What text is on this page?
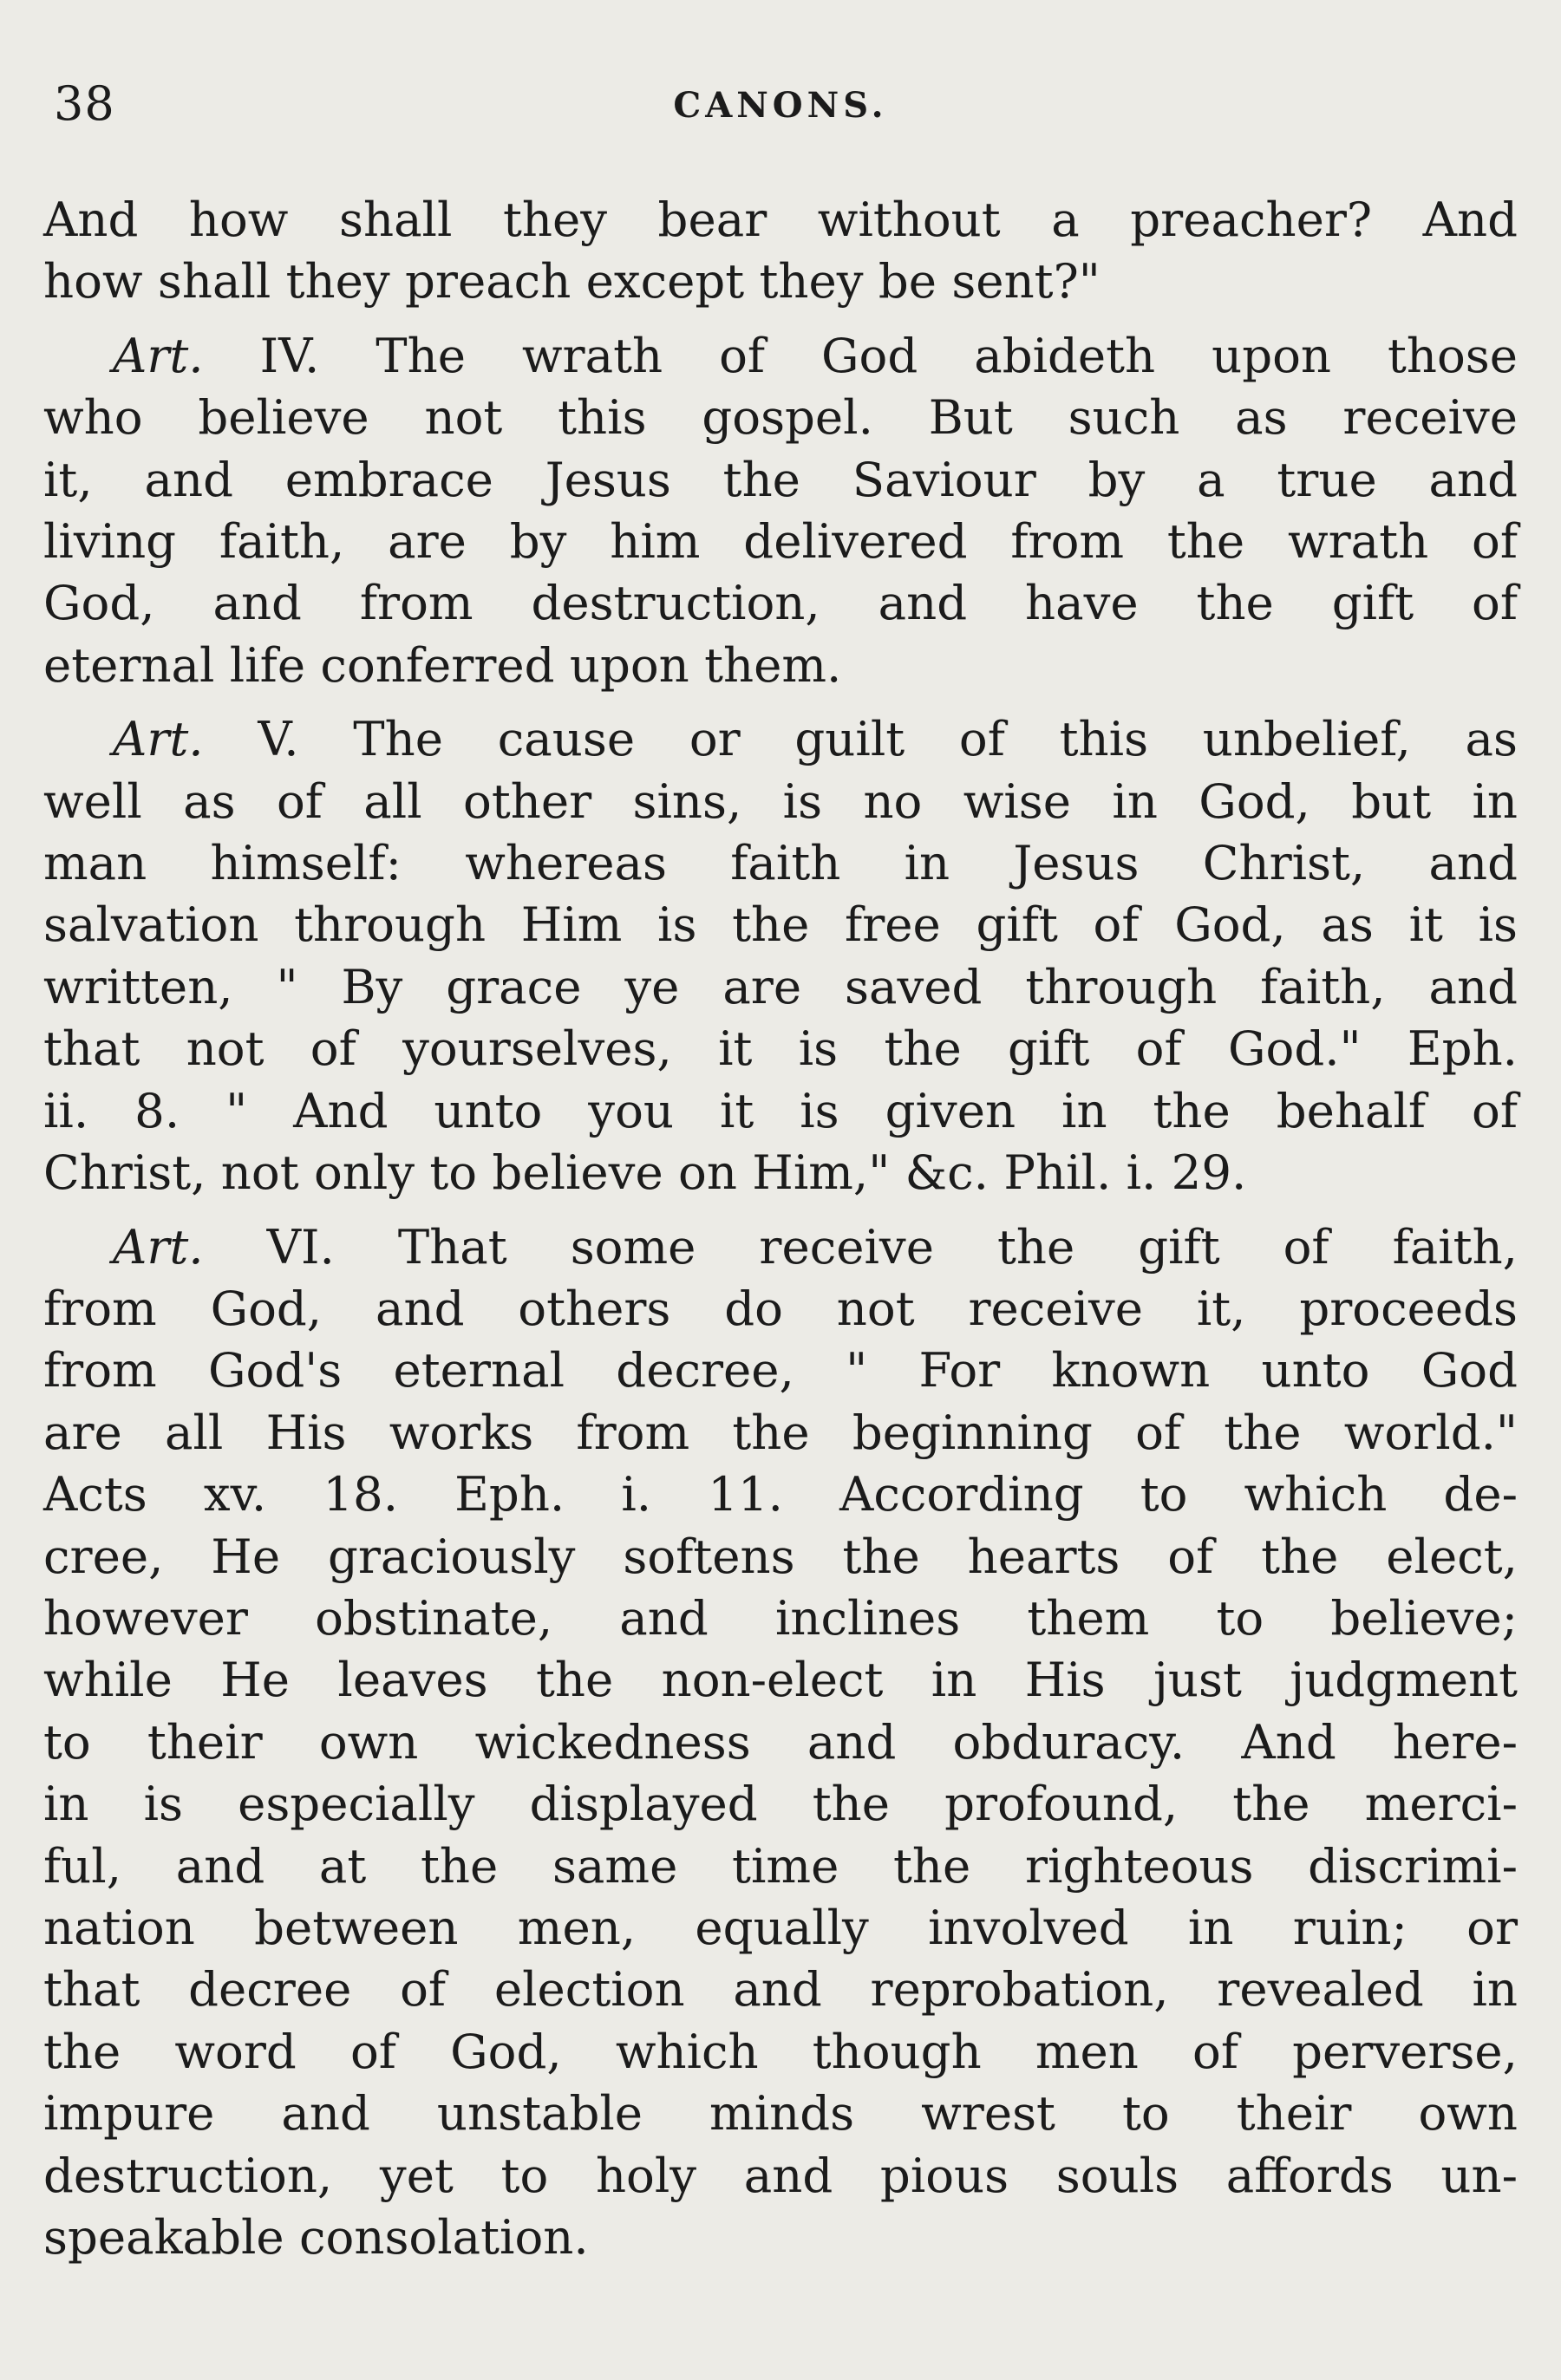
38	CANONS.
And how shall they bear without a preacher? And
how shall they preach except they be sent?"
Art. IV. The wrath of God abideth upon those
who believe not this gospel. But such as receive
it, and embrace Jesus the Saviour by a true and
living faith, are by him delivered from the wrath of
God, and from destruction, and have the gift of
eternal life conferred upon them.
Art. V. The cause or guilt of this unbelief, as
well as of all other sins, is no wise in God, but in
man himself: whereas faith in Jesus Christ, and
salvation through Him is the free gift of God, as it is
written, " By grace ye are saved through faith, and
that not of yourselves, it is the gift of God." Eph.
ii. 8. " And unto you it is given in the behalf of
Christ, not only to believe on Him," &c. Phil. i. 29.
Art. VI. That some receive the gift of faith,
from God, and others do not receive it, proceeds
from God's eternal decree, " For known unto God
are all His works from the beginning of the world."
Acts xv. 18. Eph. i. 11. According to which de-
cree, He graciously softens the hearts of the elect,
however obstinate, and inclines them to believe;
while He leaves the non-elect in His just judgment
to their own wickedness and obduracy. And here-
in is especially displayed the profound, the merci-
ful, and at the same time the righteous discrimi-
nation between men, equally involved in ruin; or
that decree of election and reprobation, revealed in
the word of God, which though men of perverse,
impure and unstable minds wrest to their own
destruction, yet to holy and pious souls affords un-
speakable consolation.
